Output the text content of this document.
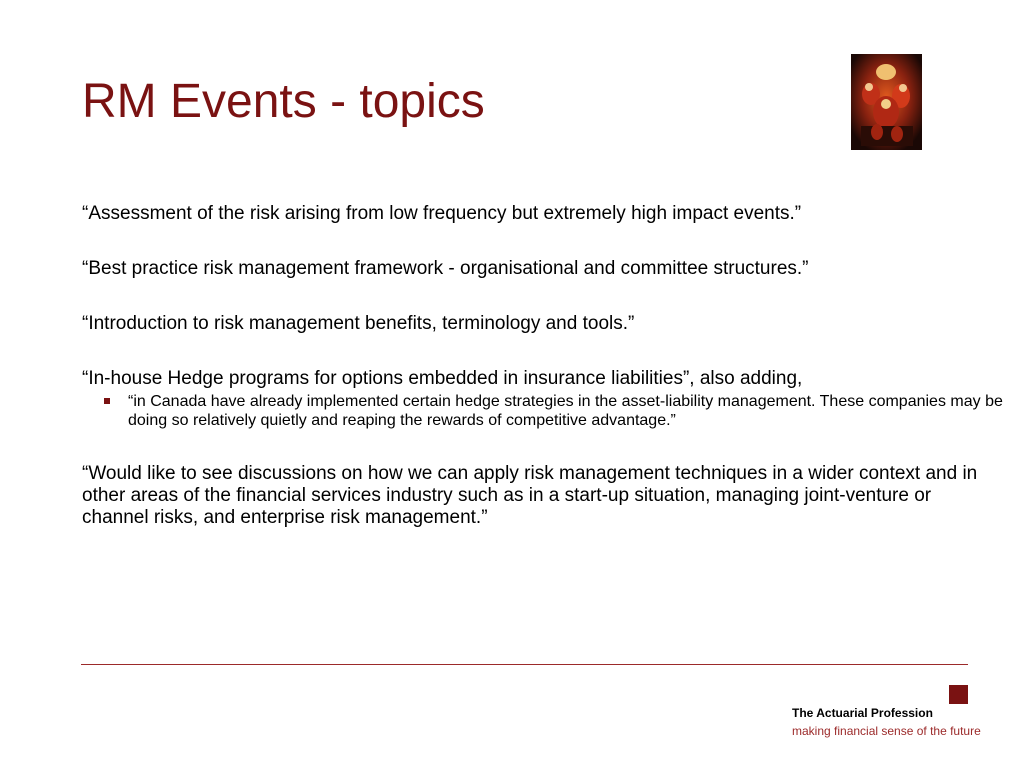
RM Events - topics

“Assessment of the risk arising from low frequency but extremely high impact events.”

“Best practice risk management framework - organisational and committee structures.”

“Introduction to risk management benefits, terminology and tools.”

“In-house Hedge programs for options embedded in insurance liabilities”, also adding,

“in Canada have already implemented certain hedge strategies in the asset-liability management. These companies may be doing so relatively quietly and reaping the rewards of competitive advantage.”

“Would like to see discussions on how we can apply risk management techniques in a wider context and in other areas of the financial services industry such as in a start-up situation, managing joint-venture or channel risks, and enterprise risk management.”

The Actuarial Profession
making financial sense of the future
